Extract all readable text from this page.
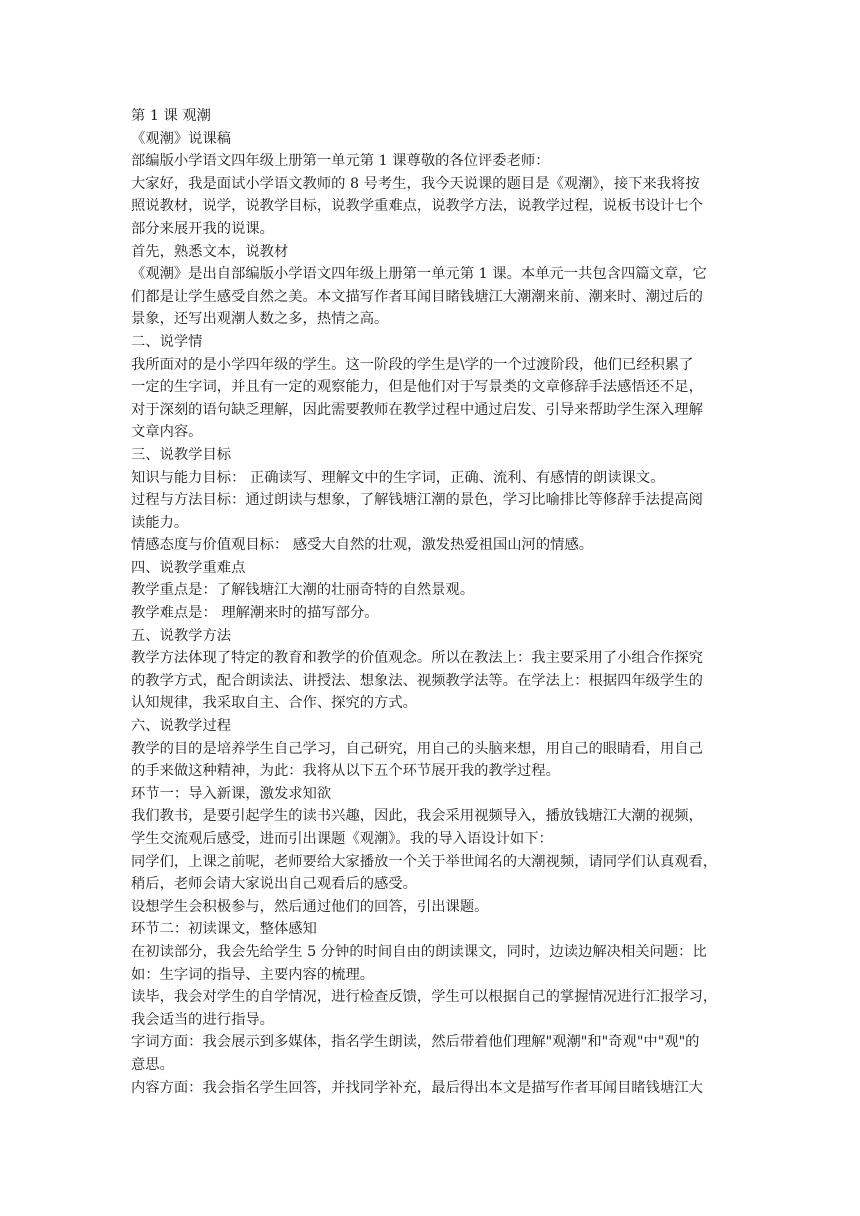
第 1 课 观潮
《观潮》说课稿
部编版小学语文四年级上册第一单元第 1 课尊敬的各位评委老师：
大家好，我是面试小学语文教师的 8 号考生，我今天说课的题目是《观潮》，接下来我将按
照说教材，说学，说教学目标，说教学重难点，说教学方法，说教学过程，说板书设计七个
部分来展开我的说课。
首先，熟悉文本，说教材
《观潮》是出自部编版小学语文四年级上册第一单元第 1 课。本单元一共包含四篇文章，它
们都是让学生感受自然之美。本文描写作者耳闻目睹钱塘江大潮潮来前、潮来时、潮过后的
景象，还写出观潮人数之多，热情之高。
二、说学情
我所面对的是小学四年级的学生。这一阶段的学生是\学的一个过渡阶段，他们已经积累了
一定的生字词，并且有一定的观察能力，但是他们对于写景类的文章修辞手法感悟还不足，
对于深刻的语句缺乏理解，因此需要教师在教学过程中通过启发、引导来帮助学生深入理解
文章内容。
三、说教学目标
知识与能力目标： 正确读写、理解文中的生字词，正确、流利、有感情的朗读课文。
过程与方法目标：通过朗读与想象，了解钱塘江潮的景色，学习比喻排比等修辞手法提高阅
读能力。
情感态度与价值观目标： 感受大自然的壮观，激发热爱祖国山河的情感。
四、说教学重难点
教学重点是：了解钱塘江大潮的壮丽奇特的自然景观。
教学难点是： 理解潮来时的描写部分。
五、说教学方法
教学方法体现了特定的教育和教学的价值观念。所以在教法上：我主要采用了小组合作探究
的教学方式，配合朗读法、讲授法、想象法、视频教学法等。在学法上：根据四年级学生的
认知规律，我采取自主、合作、探究的方式。
六、说教学过程
教学的目的是培养学生自己学习，自己研究，用自己的头脑来想，用自己的眼睛看，用自己
的手来做这种精神，为此：我将从以下五个环节展开我的教学过程。
环节一：导入新课，激发求知欲
我们教书，是要引起学生的读书兴趣，因此，我会采用视频导入，播放钱塘江大潮的视频，
学生交流观后感受，进而引出课题《观潮》。我的导入语设计如下：
同学们，上课之前呢，老师要给大家播放一个关于举世闻名的大潮视频，请同学们认真观看，
稍后，老师会请大家说出自己观看后的感受。
设想学生会积极参与，然后通过他们的回答，引出课题。
环节二：初读课文，整体感知
在初读部分，我会先给学生 5 分钟的时间自由的朗读课文，同时，边读边解决相关问题：比
如：生字词的指导、主要内容的梳理。
读毕，我会对学生的自学情况，进行检查反馈，学生可以根据自己的掌握情况进行汇报学习，
我会适当的进行指导。
字词方面：我会展示到多媒体，指名学生朗读，然后带着他们理解"观潮"和"奇观"中"观"的
意思。
内容方面：我会指名学生回答，并找同学补充，最后得出本文是描写作者耳闻目睹钱塘江大
